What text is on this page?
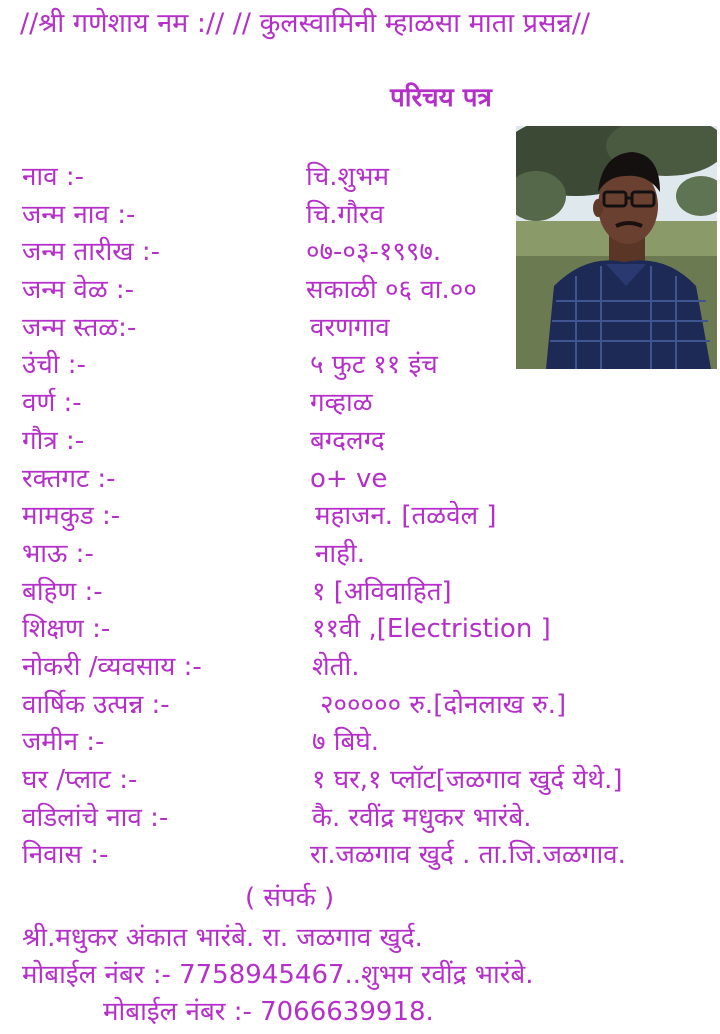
//श्री गणेशाय नम :// // कुलस्वामिनी म्हाळसा माता प्रसन्न//
परिचय पत्र
नाव :-	चि.शुभम
जन्म नाव :-	चि.गौरव
जन्म तारीख :-	०७-०३-१९९७.
जन्म वेळ :-	सकाळी ०६ वा.००
जन्म स्तळ:-	वरणगाव
उंची :-	५ फुट ११ इंच
वर्ण :-	गव्हाळ
गौत्र :-	बग्दलग्द
रक्तगट :-	o+ ve
मामकुड :-	महाजन. [तळवेल ]
भाऊ :-	नाही.
बहिण :-	१ [अविवाहित]
शिक्षण :-	११वी ,[Electristion ]
नोकरी /व्यवसाय :-	शेती.
वार्षिक उत्पन्न :-	२००००० रु.[दोनलाख रु.]
जमीन :-	७ बिघे.
घर /प्लाट :-	१ घर,१ प्लॉट[जळगाव खुर्द येथे.]
वडिलांचे नाव :-	कै. रवींद्र मधुकर भारंबे.
निवास :-	रा.जळगाव खुर्द . ता.जि.जळगाव.
( संपर्क )
श्री.मधुकर अंकात भारंबे. रा. जळगाव खुर्द.
मोबाईल नंबर :- 7758945467..शुभम रवींद्र भारंबे.
मोबाईल नंबर :- 7066639918.
